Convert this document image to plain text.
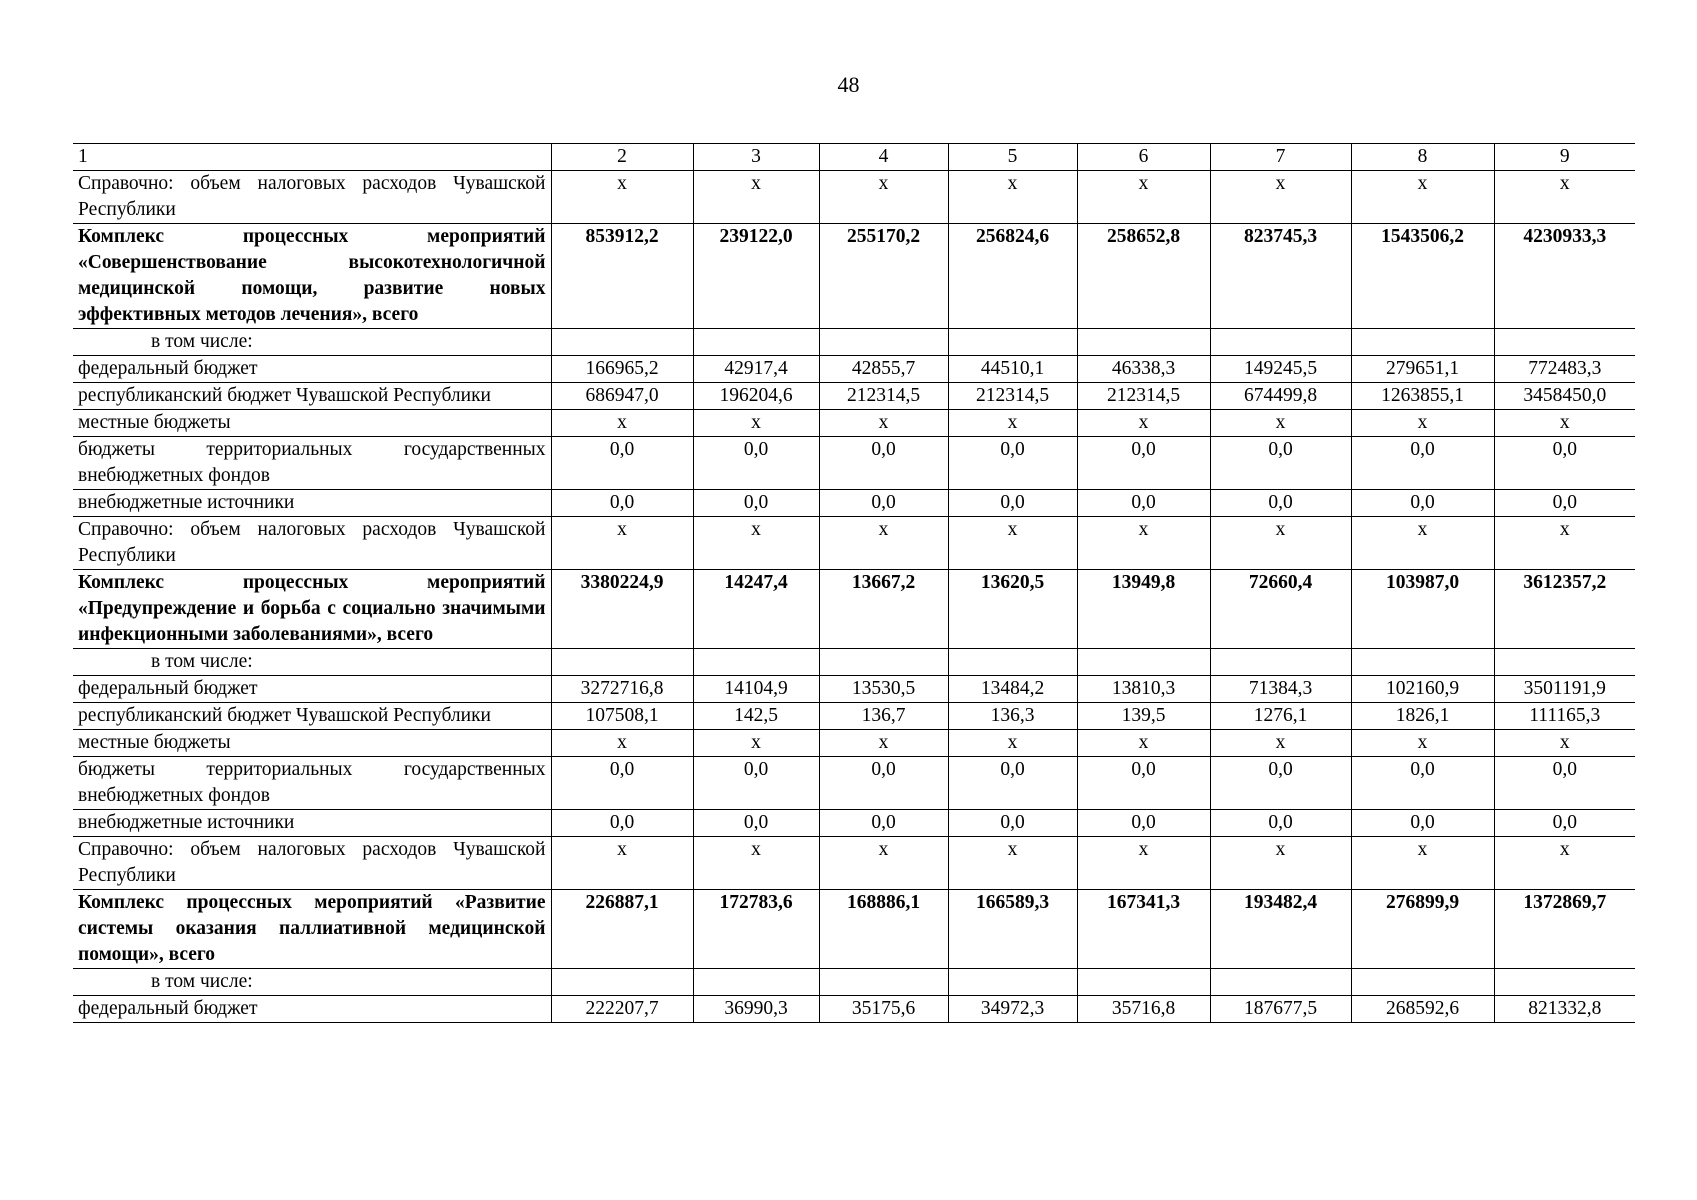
48
1	2	3	4	5	6	7	8	9
Справочно: объем налоговых расходов Чувашской Республики	х	х	х	х	х	х	х	х
Комплекс процессных мероприятий «Совершенствование высокотехнологичной медицинской помощи, развитие новых эффективных методов лечения», всего	853912,2	239122,0	255170,2	256824,6	258652,8	823745,3	1543506,2	4230933,3
в том числе:								
федеральный бюджет	166965,2	42917,4	42855,7	44510,1	46338,3	149245,5	279651,1	772483,3
республиканский бюджет Чувашской Республики	686947,0	196204,6	212314,5	212314,5	212314,5	674499,8	1263855,1	3458450,0
местные бюджеты	х	х	х	х	х	х	х	х
бюджеты территориальных государственных внебюджетных фондов	0,0	0,0	0,0	0,0	0,0	0,0	0,0	0,0
внебюджетные источники	0,0	0,0	0,0	0,0	0,0	0,0	0,0	0,0
Справочно: объем налоговых расходов Чувашской Республики	х	х	х	х	х	х	х	х
Комплекс процессных мероприятий «Предупреждение и борьба с социально значимыми инфекционными заболеваниями», всего	3380224,9	14247,4	13667,2	13620,5	13949,8	72660,4	103987,0	3612357,2
в том числе:								
федеральный бюджет	3272716,8	14104,9	13530,5	13484,2	13810,3	71384,3	102160,9	3501191,9
республиканский бюджет Чувашской Республики	107508,1	142,5	136,7	136,3	139,5	1276,1	1826,1	111165,3
местные бюджеты	х	х	х	х	х	х	х	х
бюджеты территориальных государственных внебюджетных фондов	0,0	0,0	0,0	0,0	0,0	0,0	0,0	0,0
внебюджетные источники	0,0	0,0	0,0	0,0	0,0	0,0	0,0	0,0
Справочно: объем налоговых расходов Чувашской Республики	х	х	х	х	х	х	х	х
Комплекс процессных мероприятий «Развитие системы оказания паллиативной медицинской помощи», всего	226887,1	172783,6	168886,1	166589,3	167341,3	193482,4	276899,9	1372869,7
в том числе:								
федеральный бюджет	222207,7	36990,3	35175,6	34972,3	35716,8	187677,5	268592,6	821332,8
